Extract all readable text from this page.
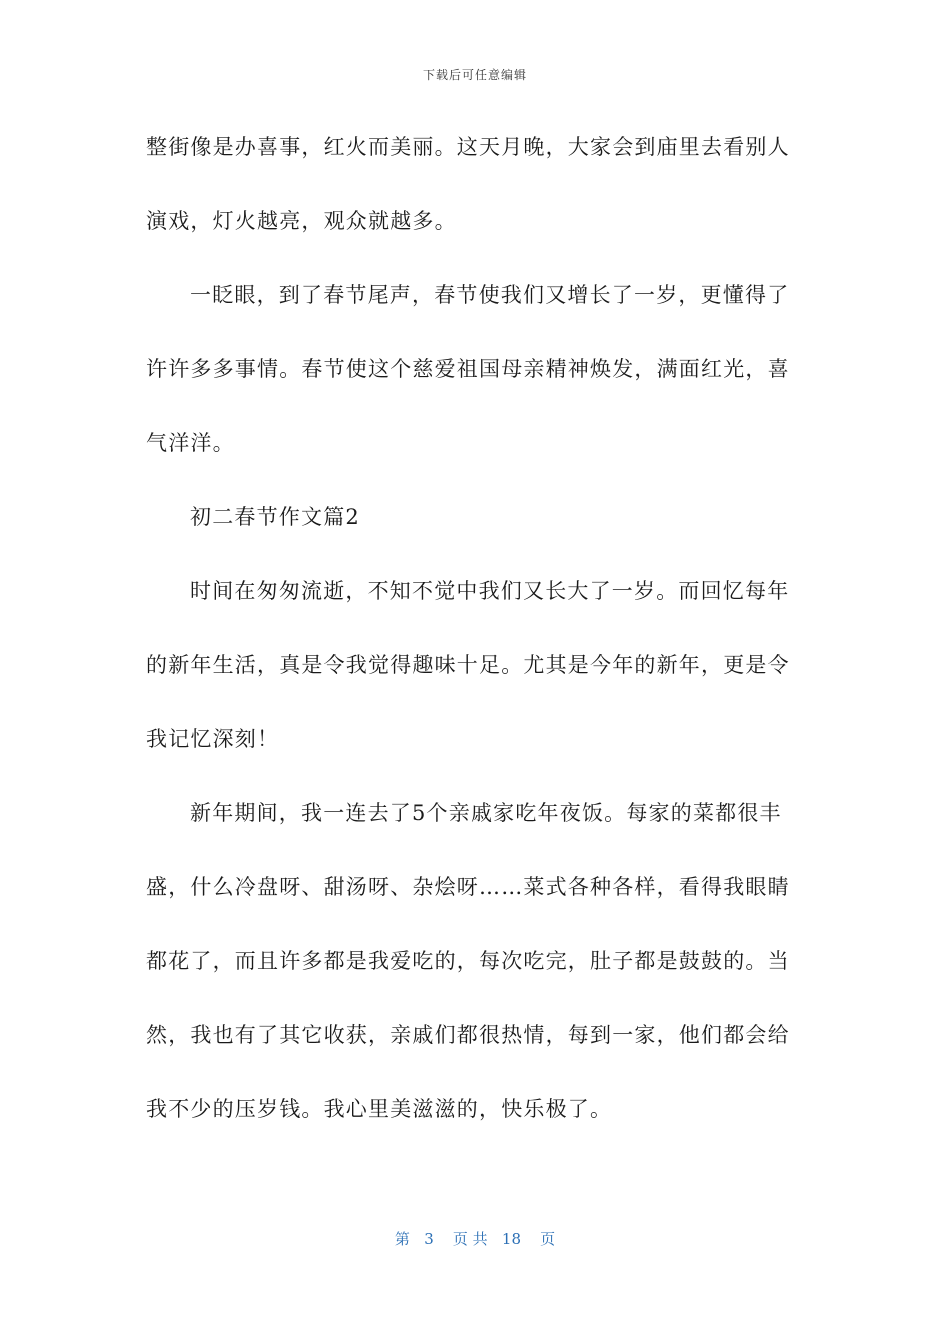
下载后可任意编辑
整街像是办喜事，红火而美丽。这天月晚，大家会到庙里去看别人
演戏，灯火越亮，观众就越多。
一眨眼，到了春节尾声，春节使我们又增长了一岁，更懂得了
许许多多事情。春节使这个慈爱祖国母亲精神焕发，满面红光，喜
气洋洋。
初二春节作文篇2
时间在匆匆流逝，不知不觉中我们又长大了一岁。而回忆每年
的新年生活，真是令我觉得趣味十足。尤其是今年的新年，更是令
我记忆深刻！
新年期间，我一连去了5个亲戚家吃年夜饭。每家的菜都很丰
盛，什么冷盘呀、甜汤呀、杂烩呀……菜式各种各样，看得我眼睛
都花了，而且许多都是我爱吃的，每次吃完，肚子都是鼓鼓的。当
然，我也有了其它收获，亲戚们都很热情，每到一家，他们都会给
我不少的压岁钱。我心里美滋滋的，快乐极了。
第 3 页 共 18 页
